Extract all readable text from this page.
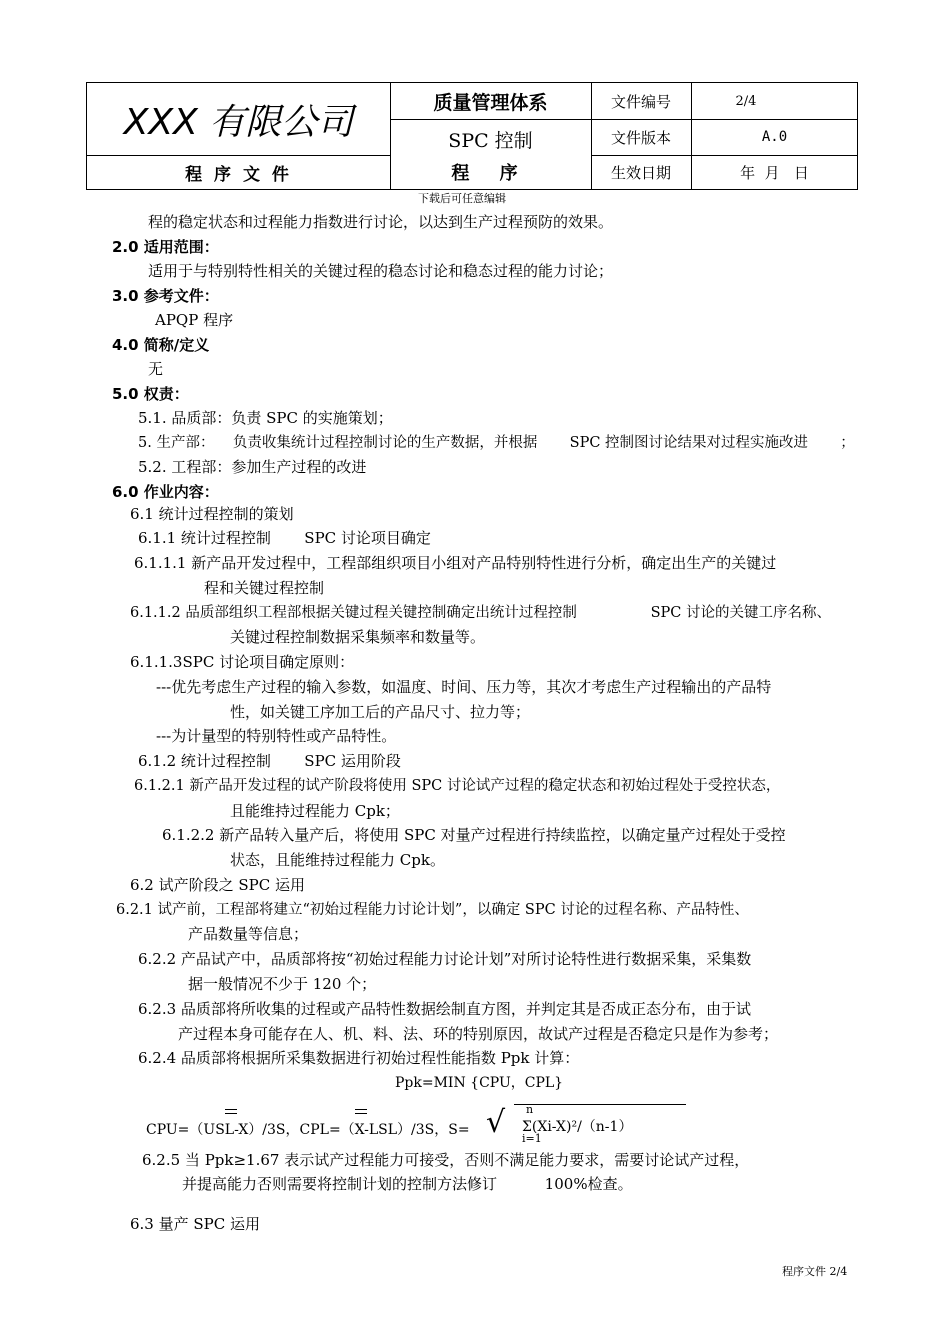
XXX 有限公司
程 序 文 件
质量管理体系
SPC 控制
程 序
文件编号	2/4
文件版本	A.0
生效日期	年  月   日
下载后可任意编辑
程的稳定状态和过程能力指数进行讨论，以达到生产过程预防的效果。
2.0 适用范围：
适用于与特别特性相关的关键过程的稳态讨论和稳态过程的能力讨论；
3.0 参考文件：
APQP 程序
4.0 简称/定义
无
5.0 权责：
5.1. 品质部：负责 SPC 的实施策划；
5. 生产部：    负责收集统计过程控制讨论的生产数据，并根据       SPC 控制图讨论结果对过程实施改进       ；
5.2. 工程部：参加生产过程的改进
6.0 作业内容：
6.1 统计过程控制的策划
6.1.1 统计过程控制       SPC 讨论项目确定
6.1.1.1 新产品开发过程中，工程部组织项目小组对产品特别特性进行分析，确定出生产的关键过
程和关键过程控制
6.1.1.2 品质部组织工程部根据关键过程关键控制确定出统计过程控制                SPC 讨论的关键工序名称、
关键过程控制数据采集频率和数量等。
6.1.1.3SPC 讨论项目确定原则：
---优先考虑生产过程的输入参数，如温度、时间、压力等，其次才考虑生产过程输出的产品特
性，如关键工序加工后的产品尺寸、拉力等；
---为计量型的特别特性或产品特性。
6.1.2 统计过程控制       SPC 运用阶段
6.1.2.1 新产品开发过程的试产阶段将使用 SPC 讨论试产过程的稳定状态和初始过程处于受控状态，
且能维持过程能力 Cpk；
6.1.2.2 新产品转入量产后，将使用 SPC 对量产过程进行持续监控，以确定量产过程处于受控
状态，且能维持过程能力 Cpk。
6.2 试产阶段之 SPC 运用
6.2.1 试产前，工程部将建立“初始过程能力讨论计划”，以确定 SPC 讨论的过程名称、产品特性、
产品数量等信息；
6.2.2 产品试产中，品质部将按“初始过程能力讨论计划”对所讨论特性进行数据采集，采集数
据一般情况不少于 120 个；
6.2.3 品质部将所收集的过程或产品特性数据绘制直方图，并判定其是否成正态分布，由于试
产过程本身可能存在人、机、料、法、环的特别原因，故试产过程是否稳定只是作为参考；
6.2.4 品质部将根据所采集数据进行初始过程性能指数 Ppk 计算：
Ppk=MIN {CPU，CPL}
CPU=（USL-X）/3S，CPL=（X-LSL）/3S，S= √ Σ(Xi-X)²/（n-1）
n
i=1
6.2.5 当 Ppk≥1.67 表示试产过程能力可接受，否则不满足能力要求，需要讨论试产过程，
并提高能力否则需要将控制计划的控制方法修订          100%检查。
6.3 量产 SPC 运用
程序文件 2/4
